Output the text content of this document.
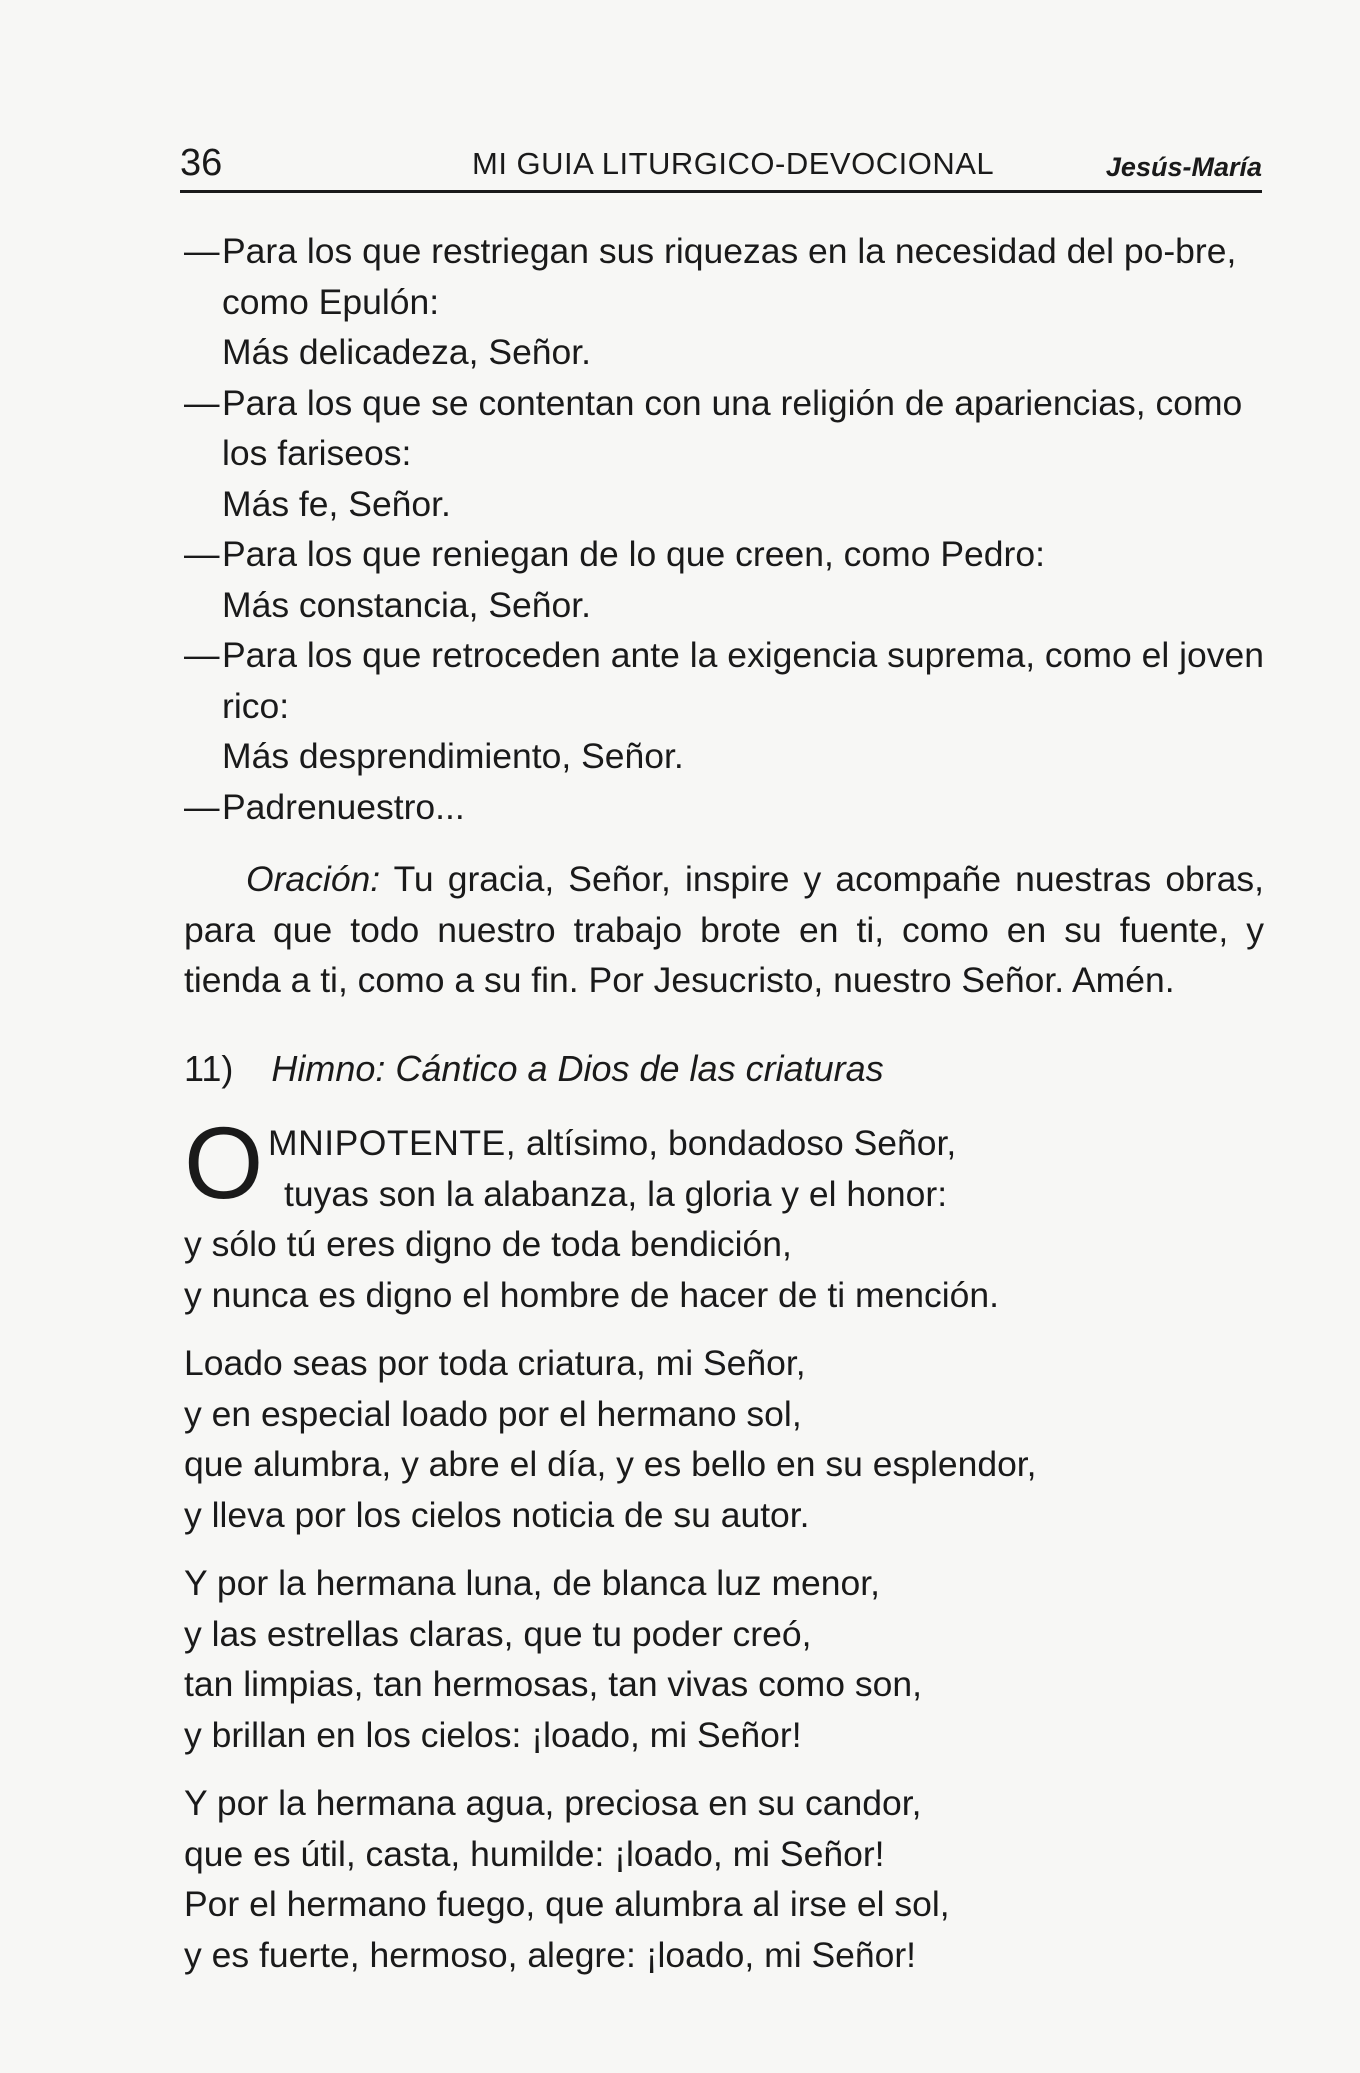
36	MI GUIA LITURGICO-DEVOCIONAL	Jesús-María
— Para los que restriegan sus riquezas en la necesidad del po-bre, como Epulón:
Más delicadeza, Señor.
— Para los que se contentan con una religión de apariencias, como los fariseos:
Más fe, Señor.
— Para los que reniegan de lo que creen, como Pedro:
Más constancia, Señor.
— Para los que retroceden ante la exigencia suprema, como el joven rico:
Más desprendimiento, Señor.
— Padrenuestro...

Oración: Tu gracia, Señor, inspire y acompañe nuestras obras, para que todo nuestro trabajo brote en ti, como en su fuente, y tienda a ti, como a su fin. Por Jesucristo, nuestro Señor. Amén.

11) Himno: Cántico a Dios de las criaturas

O MNIPOTENTE, altísimo, bondadoso Señor,
tuyas son la alabanza, la gloria y el honor:
y sólo tú eres digno de toda bendición,
y nunca es digno el hombre de hacer de ti mención.
Loado seas por toda criatura, mi Señor,
y en especial loado por el hermano sol,
que alumbra, y abre el día, y es bello en su esplendor,
y lleva por los cielos noticia de su autor.
Y por la hermana luna, de blanca luz menor,
y las estrellas claras, que tu poder creó,
tan limpias, tan hermosas, tan vivas como son,
y brillan en los cielos: ¡loado, mi Señor!
Y por la hermana agua, preciosa en su candor,
que es útil, casta, humilde: ¡loado, mi Señor!
Por el hermano fuego, que alumbra al irse el sol,
y es fuerte, hermoso, alegre: ¡loado, mi Señor!
